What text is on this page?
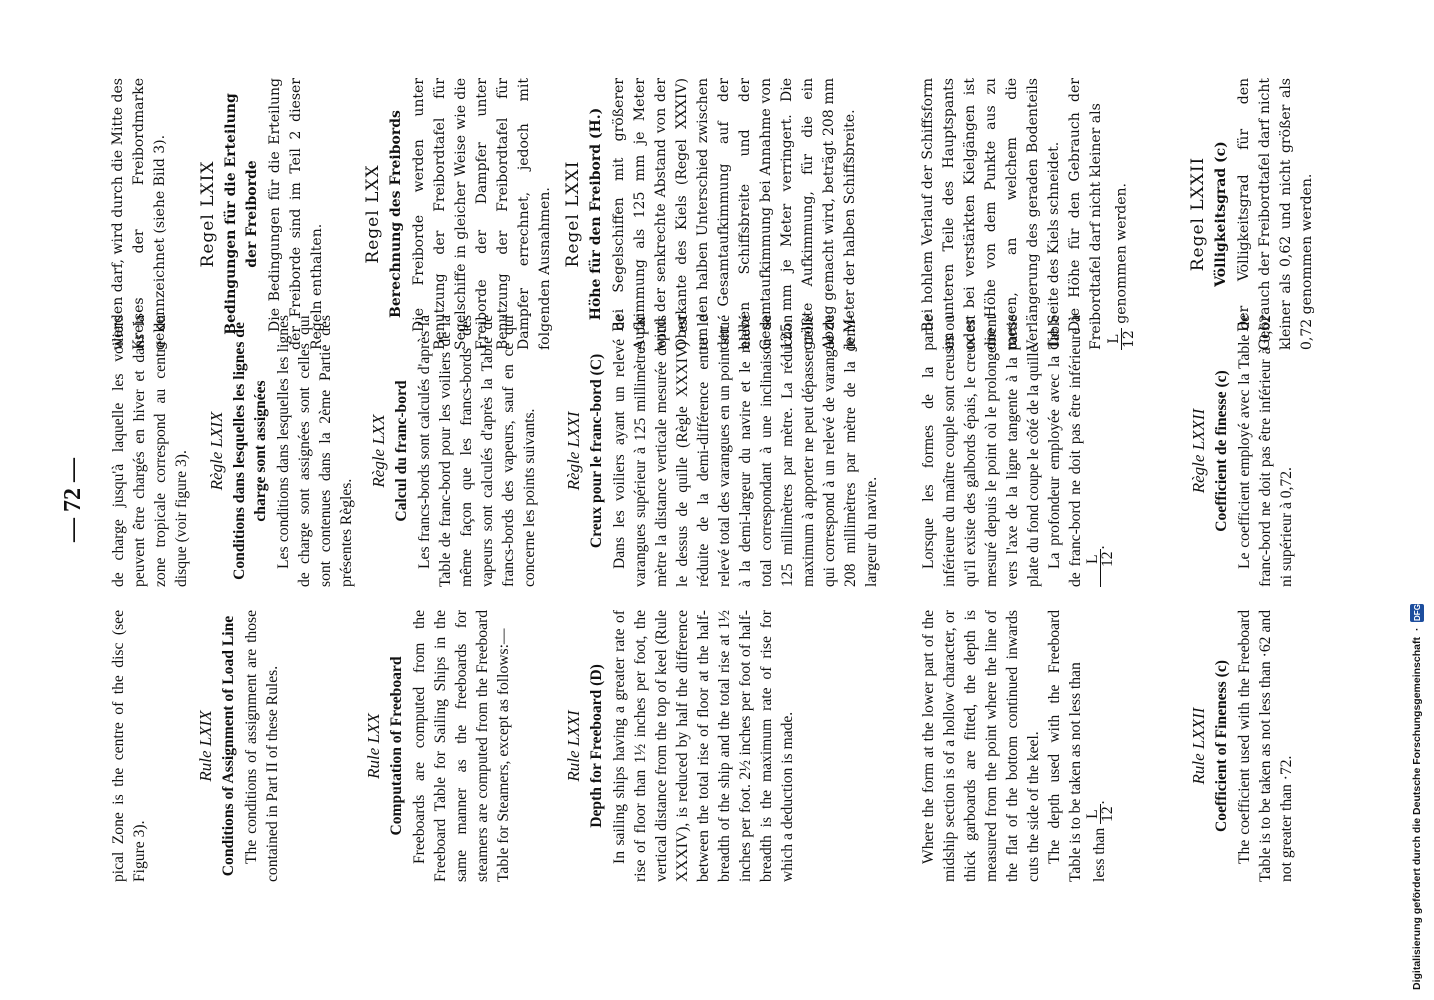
— 72 —

pical Zone is the centre of the disc (see Figure 3).

Rule LXIX Conditions of Assignment of Load Line The conditions of assignment are those contained in Part II of these Rules.	Rule LXX Computation of Freeboard Freeboards are computed from the Freeboard Table for Sailing Ships in the same manner as the freeboards for steamers are computed from the Freeboard Table for Steamers, except as follows:—	Rule LXXI Depth for Freeboard (D) In sailing ships having a greater rate of rise of floor than 1½ inches per foot, the vertical distance from the top of keel (Rule XXXIV), is reduced by half the difference between the total rise of floor at the half-breadth of the ship and the total rise at 1½ inches per foot. 2½ inches per foot of half-breadth is the maximum rate of rise for which a deduction is made.	Where the form at the lower part of the midship section is of a hollow character, or thick garboards are fitted, the depth is measured from the point where the line of the flat of the bottom continued inwards cuts the side of the keel. The depth used with the Freeboard Table is to be taken as not less than less than
L
12
.

Rule LXXII Coefficient of Fineness (c) The coefficient used with the Freeboard Table is to be taken as not less than ·62 and not greater than ·72.

de charge jusqu'à laquelle les voiliers peuvent être chargés en hiver et dans la zone tropicale correspond au centre du disque (voir figure 3). Règle LXIX Conditions dans lesquelles les lignes de charge sont assignées Les conditions dans lesquelles les lignes de charge sont assignées sont celles qui sont contenues dans la 2ème Partie des présentes Règles.

Règle LXX Calcul du franc-bord Les francs-bords sont calculés d'après la Table de franc-bord pour les voiliers de la même façon que les francs-bords des vapeurs sont calculés d'après la Table de francs-bords des vapeurs, sauf en ce qui concerne les points suivants. Règle LXXI Creux pour le franc-bord (C) Dans les voiliers ayant un relevé de varangues supérieur à 125 millimètres par mètre la distance verticale mesurée depuis le dessus de quille (Règle XXXIV) est réduite de la demi-différence entre le relevé total des varangues en un point situé à la demi-largeur du navire et le relevé total correspondant à une inclinaison de 125 millimètres par mètre. La réduction maximum à apporter ne peut dépasser celle qui correspond à un relevé de varangue de 208 millimètres par mètre de la demi-largeur du navire.	Lorsque les formes de la partie inférieure du maître couple sont creuses ou qu'il existe des galbords épais, le creux est mesuré depuis le point où le prolongement vers l'axe de la ligne tangente à la partie plate du fond coupe le côté de la quille. La profondeur employée avec la Table de franc-bord ne doit pas être inférieure à L
12
.

Règle LXXII Coefficient de finesse (c) Le coefficient employé avec la Table de franc-bord ne doit pas être inférieur à 0,62 ni supérieur à 0,72.

werden darf, wird durch die Mitte des Kreises der Freibordmarke gekennzeichnet (siehe Bild 3). Regel LXIX Bedingungen für die Erteilung der Freiborde Die Bedingungen für die Erteilung der Freiborde sind im Teil 2 dieser Regeln enthalten.

Regel LXX Berechnung des Freibords Die Freiborde werden unter Benutzung der Freibordtafel für Segelschiffe in gleicher Weise wie die Freiborde der Dampfer unter Benutzung der Freibordtafel für Dampfer errechnet, jedoch mit folgenden Ausnahmen. Regel LXXI Höhe für den Freibord (H.) Bei Segelschiffen mit größerer Aufkimmung als 125 mm je Meter wird der senkrechte Abstand von der Oberkante des Kiels (Regel XXXIV) um den halben Unterschied zwischen der Gesamtaufkimmung auf der halben Schiffsbreite und der Gesamtaufkimmung bei Annahme von 125 mm je Meter verringert. Die größte Aufkimmung, für die ein Abzug gemacht wird, beträgt 208 mm je Meter der halben Schiffsbreite.	Bei hohlem Verlauf der Schiffsform im unteren Teile des Hauptspants oder bei verstärkten Kielgängen ist die Höhe von dem Punkte aus zu messen, an welchem die Verlängerung des geraden Bodenteils die Seite des Kiels schneidet. Die Höhe für den Gebrauch der Freibordtafel darf nicht kleiner als L 12
genommen werden.	Regel LXXII Völligkeitsgrad (c) Der Völligkeitsgrad für den Gebrauch der Freibordtafel darf nicht kleiner als 0,62 und nicht größer als 0,72 genommen werden.

Digitalisierung gefördert durch die Deutsche Forschungsgemeinschaft
·
DFG
